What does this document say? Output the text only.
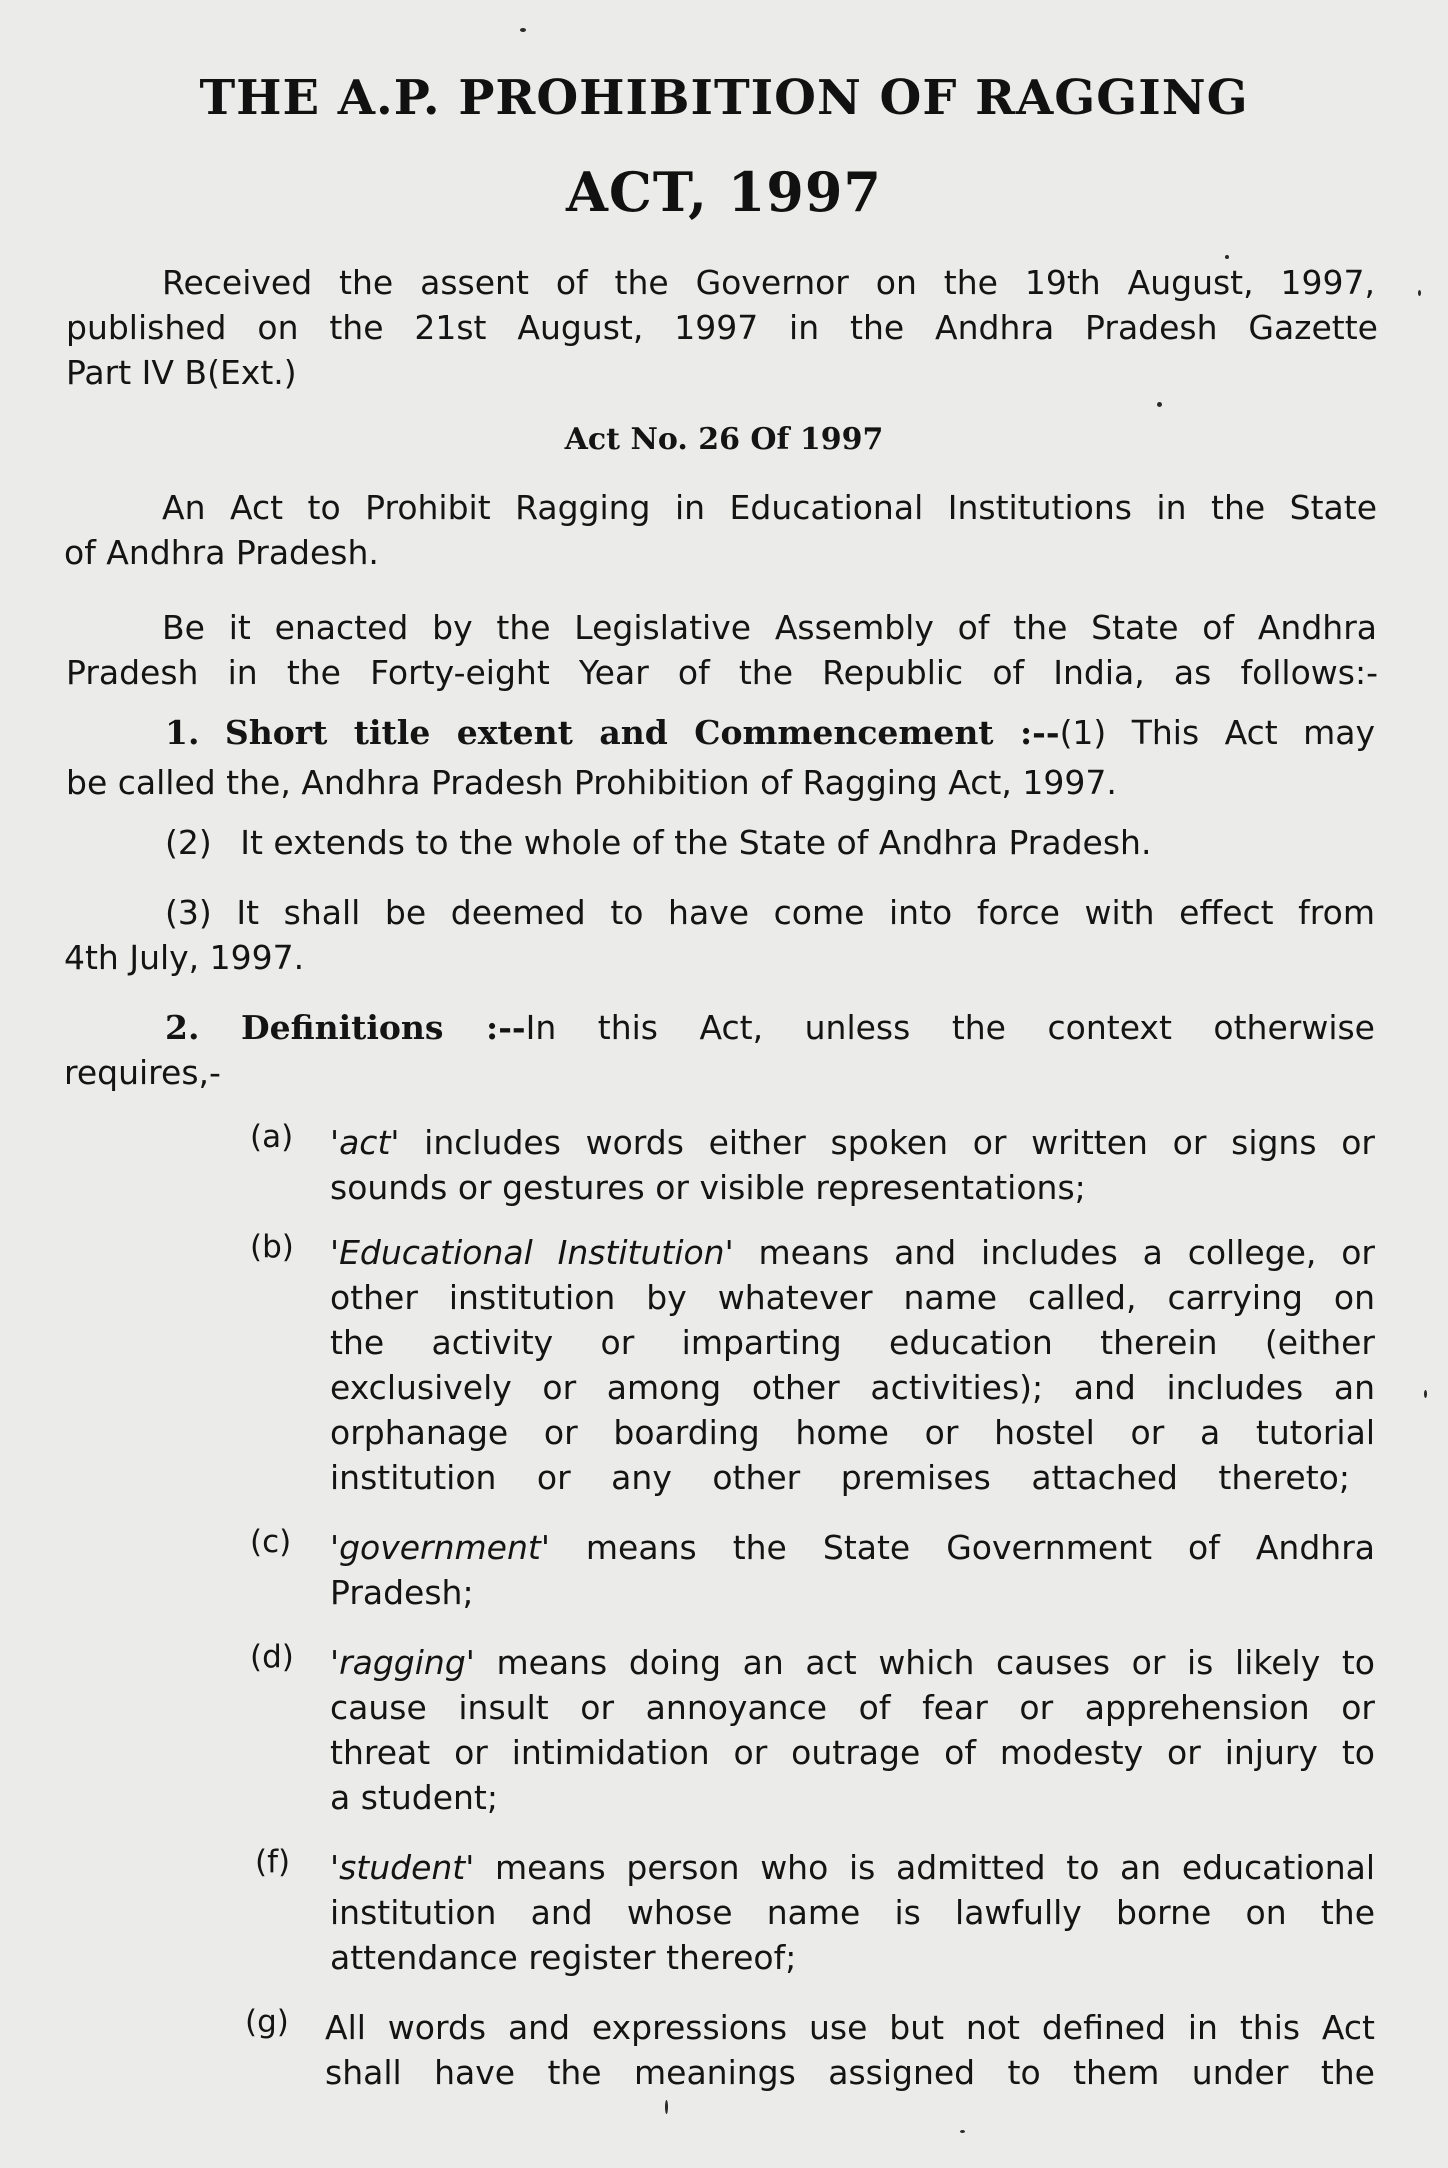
THE A.P. PROHIBITION OF RAGGING
ACT, 1997
Received the assent of the Governor on the 19th August, 1997,
published on the 21st August, 1997 in the Andhra Pradesh Gazette
Part IV B(Ext.)
Act No. 26 Of 1997
An Act to Prohibit Ragging in Educational Institutions in the State
of Andhra Pradesh.
Be it enacted by the Legislative Assembly of the State of Andhra
Pradesh in the Forty-eight Year of the Republic of India, as follows:-
1. Short title extent and Commencement :--(1) This Act may
be called the, Andhra Pradesh Prohibition of Ragging Act, 1997.
(2) It extends to the whole of the State of Andhra Pradesh.
(3) It shall be deemed to have come into force with effect from
4th July, 1997.
2. Definitions :--In this Act, unless the context otherwise
requires,-
(a) 'act' includes words either spoken or written or signs or
sounds or gestures or visible representations;
(b) 'Educational Institution' means and includes a college, or
other institution by whatever name called, carrying on
the activity or imparting education therein (either
exclusively or among other activities); and includes an
orphanage or boarding home or hostel or a tutorial
institution or any other premises attached thereto;
(c) 'government' means the State Government of Andhra
Pradesh;
(d) 'ragging' means doing an act which causes or is likely to
cause insult or annoyance of fear or apprehension or
threat or intimidation or outrage of modesty or injury to
a student;
(f) 'student' means person who is admitted to an educational
institution and whose name is lawfully borne on the
attendance register thereof;
(g) All words and expressions use but not defined in this Act
shall have the meanings assigned to them under the
